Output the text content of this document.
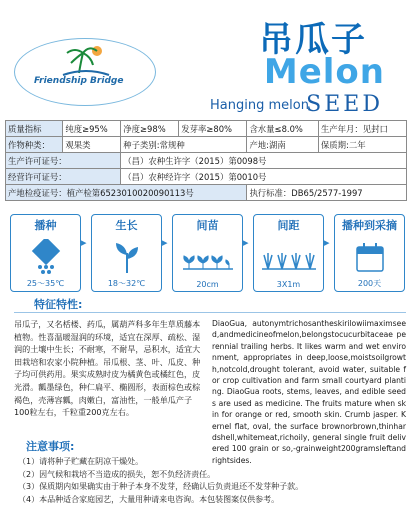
Friendship Bridge
吊瓜子
Melon
Hanging melon
SEED
质量指标	纯度≥95%	净度≥98%	发芽率≥80%	含水量≤8.0%	生产年月：见封口
作物种类：	观果类	种子类别:常规种		产地:湖南	保质期:二年
生产许可证号：		（昌）农种生许字（2015）第0098号			
经营许可证号：		（昌）农种经许字（2015）第0010号			
产地检疫证号：植产检第6523010020090113号				执行标准：DB65/2577-1997	
播种
25～35℃
▸
生长
18～32℃
▸
间苗
20cm
▸
间距
3X1m
▸
播种到采摘
200天
特征特性:

吊瓜子，又名栝楼、药瓜，属葫芦科多年生草质藤本植物。性喜温暖湿润的环境，适宜在深厚、疏松、湿润的土壤中生长；不耐寒，不耐旱，忌积水，适宜大田栽培和农家小院种植。吊瓜根、茎、叶、瓜皮、种子均可供药用。果实成熟时皮为橘黄色或橘红色，皮光滑。瓤墨绿色，种仁扁平、椭圆形，表面棕色或棕褐色，壳薄容瓤，肉嫩白，富油性，一般单瓜产子100粒左右，千粒重200克左右。

DiaoGua, autonymtrichosantheskirilowiimaximseed,andmedicineofmelon,belongstocucurbitaceae perennial trailing herbs. It likes warm and wet environment, appropriates in deep,loose,moistsoilgrowth,notcold,drought tolerant, avoid water, suitable for crop cultivation and farm small courtyard planting. DiaoGua roots, stems, leaves, and edible seeds are used as medicine. The fruits mature when skin for orange or red, smooth skin. Crumb jasper. Kernel flat, oval, the surface brownorbrown,thinhardshell,whitemeat,richoily, general single fruit delivered 100 grain or so,-grainweight200gramsleftandrightsides.

注意事项:
（1）请将种子贮藏在阴凉干燥处。
（2）因气候和栽培不当造成的损失，恕不负经济责任。
（3）保质期内如果确实由于种子本身不发芽，经确认后负责退还不发芽种子款。
（4）本品种适合家庭园艺，大量用种请来电咨询。本包装图案仅供参考。
